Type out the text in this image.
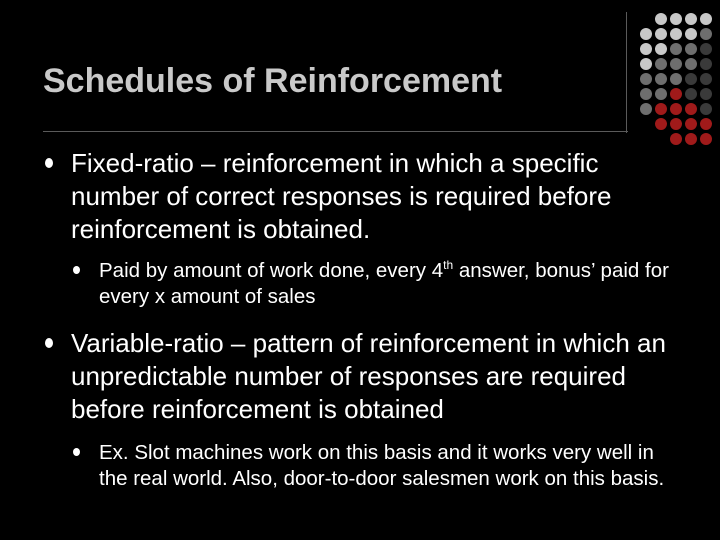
Schedules of Reinforcement
Fixed-ratio – reinforcement in which a specific number of correct responses is required before reinforcement is obtained.
Paid by amount of work done, every 4th answer, bonus’ paid for every x amount of sales
Variable-ratio – pattern of reinforcement in which an unpredictable number of responses are required before reinforcement is obtained
Ex. Slot machines work on this basis and it works very well in the real world. Also, door-to-door salesmen work on this basis.
